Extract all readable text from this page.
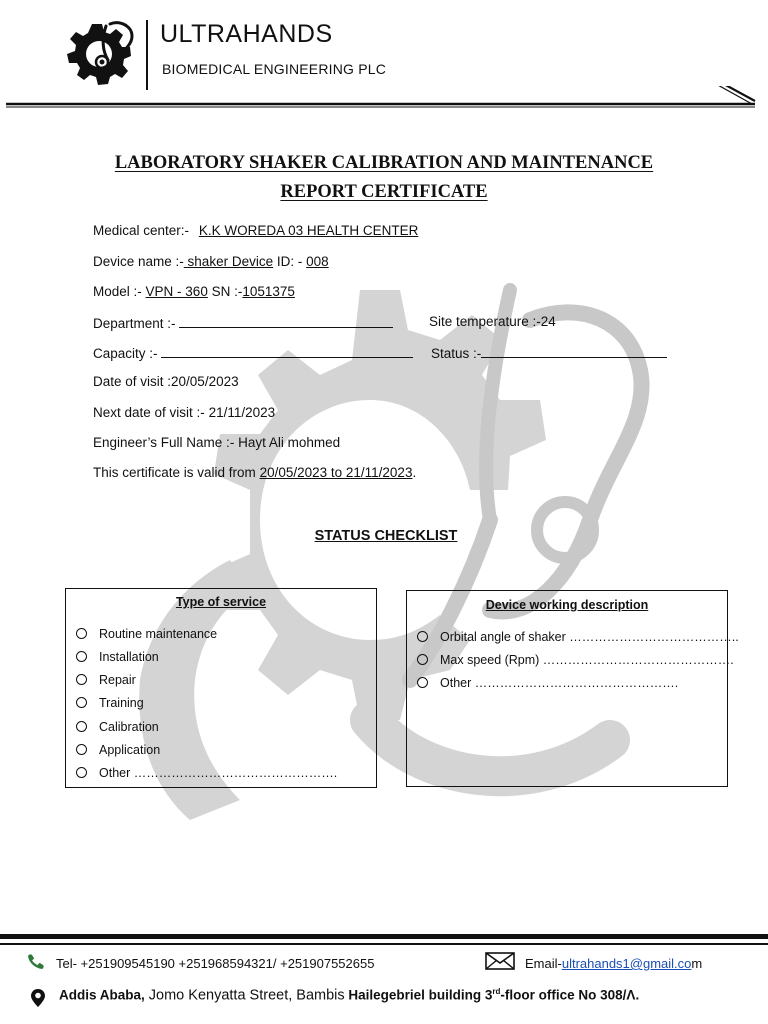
ULTRAHANDS
BIOMEDICAL ENGINEERING PLC
LABORATORY SHAKER CALIBRATION AND MAINTENANCE
REPORT CERTIFICATE
Medical center:- K.K WOREDA 03 HEALTH CENTER
Device name :- shaker Device ID: - 008
Model :- VPN - 360 SN :-1051375
Department :-	Site temperature :-24
Capacity :-	Status :-
Date of visit :20/05/2023
Next date of visit :- 21/11/2023
Engineer’s Full Name :- Hayt Ali mohmed
This certificate is valid from 20/05/2023 to 21/11/2023.
STATUS CHECKLIST
Type of service
Routine maintenance
Installation
Repair
Training
Calibration
Application
Other ………………………………………….
Device working description
Orbital angle of shaker …………………………………..
Max speed (Rpm) ……………………………………….
Other ………………………………………….
Tel- +251909545190 +251968594321/ +251907552655	Email-ultrahands1@gmail.com
Addis Ababa, Jomo Kenyatta Street, Bambis Hailegebriel building 3rd-floor office No 308/Λ.
